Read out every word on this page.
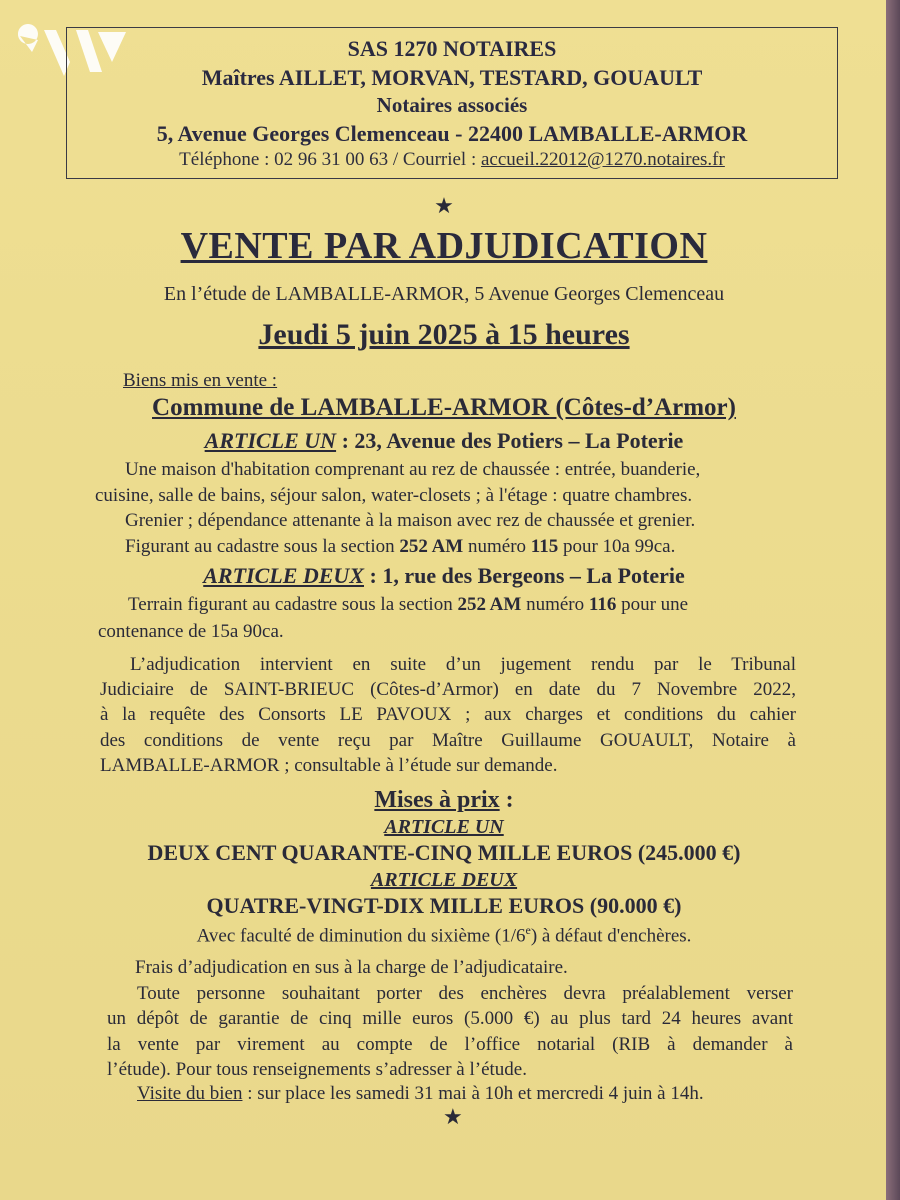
SAS 1270 NOTAIRES
Maîtres AILLET, MORVAN, TESTARD, GOUAULT
Notaires associés
5, Avenue Georges Clemenceau - 22400 LAMBALLE-ARMOR
Téléphone : 02 96 31 00 63 / Courriel : accueil.22012@1270.notaires.fr
★
VENTE PAR ADJUDICATION
En l’étude de LAMBALLE-ARMOR, 5 Avenue Georges Clemenceau
Jeudi 5 juin 2025 à 15 heures
Biens mis en vente :
Commune de LAMBALLE-ARMOR (Côtes-d’Armor)
ARTICLE UN : 23, Avenue des Potiers – La Poterie
Une maison d'habitation comprenant au rez de chaussée : entrée, buanderie,
cuisine, salle de bains, séjour salon, water-closets ; à l'étage : quatre chambres.
Grenier ; dépendance attenante à la maison avec rez de chaussée et grenier.
Figurant au cadastre sous la section 252 AM numéro 115 pour 10a 99ca.
ARTICLE DEUX : 1, rue des Bergeons – La Poterie
Terrain figurant au cadastre sous la section 252 AM numéro 116 pour une
contenance de 15a 90ca.
L’adjudication intervient en suite d’un jugement rendu par le Tribunal
Judiciaire de SAINT-BRIEUC (Côtes-d’Armor) en date du 7 Novembre 2022,
à la requête des Consorts LE PAVOUX ; aux charges et conditions du cahier
des conditions de vente reçu par Maître Guillaume GOUAULT, Notaire à
LAMBALLE-ARMOR ; consultable à l’étude sur demande.
Mises à prix :
ARTICLE UN
DEUX CENT QUARANTE-CINQ MILLE EUROS (245.000 €)
ARTICLE DEUX
QUATRE-VINGT-DIX MILLE EUROS (90.000 €)
Avec faculté de diminution du sixième (1/6e) à défaut d'enchères.
Frais d’adjudication en sus à la charge de l’adjudicataire.
Toute personne souhaitant porter des enchères devra préalablement verser
un dépôt de garantie de cinq mille euros (5.000 €) au plus tard 24 heures avant
la vente par virement au compte de l’office notarial (RIB à demander à
l’étude). Pour tous renseignements s’adresser à l’étude.
Visite du bien : sur place les samedi 31 mai à 10h et mercredi 4 juin à 14h.
★
